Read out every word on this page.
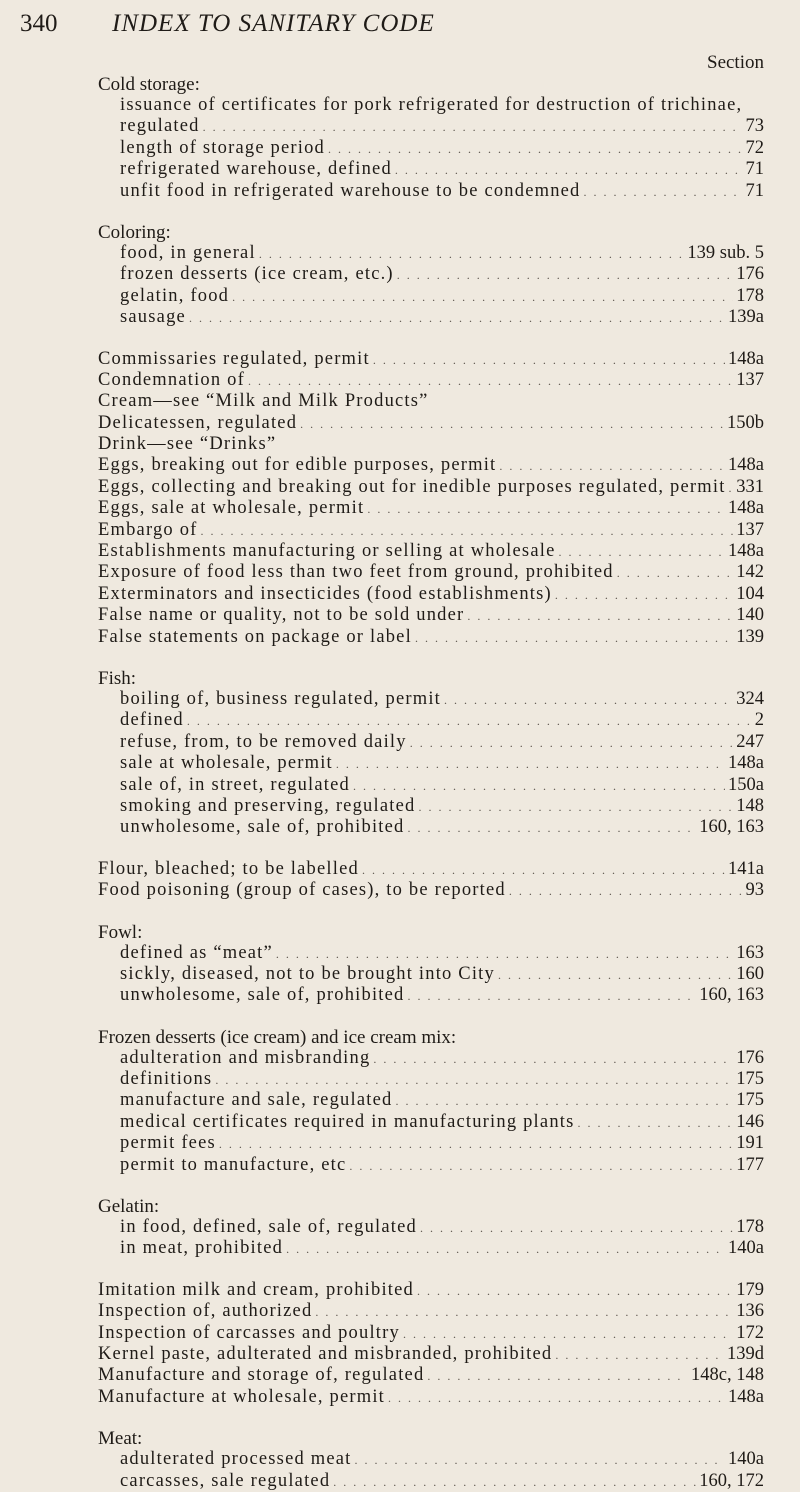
340 INDEX TO SANITARY CODE
Section
Cold storage:
issuance of certificates for pork refrigerated for destruction of trichinae,
regulated . . .	73
length of storage period . . .	72
refrigerated warehouse, defined . . .	71
unfit food in refrigerated warehouse to be condemned . . .	71
Coloring:
food, in general . . .	139 sub. 5
frozen desserts (ice cream, etc.) . . .	176
gelatin, food . . .	178
sausage . . .	139a
Commissaries regulated, permit . . .	148a
Condemnation of . . .	137
Cream—see “Milk and Milk Products”
Delicatessen, regulated . . .	150b
Drink—see “Drinks”
Eggs, breaking out for edible purposes, permit . . .	148a
Eggs, collecting and breaking out for inedible purposes regulated, permit . . . 331
Eggs, sale at wholesale, permit . . .	148a
Embargo of . . .	137
Establishments manufacturing or selling at wholesale . . .	148a
Exposure of food less than two feet from ground, prohibited . . .	142
Exterminators and insecticides (food establishments) . . .	104
False name or quality, not to be sold under . . .	140
False statements on package or label . . .	139
Fish:
boiling of, business regulated, permit . . .	324
defined . . .	2
refuse, from, to be removed daily . . .	247
sale at wholesale, permit . . .	148a
sale of, in street, regulated . . .	150a
smoking and preserving, regulated . . .	148
unwholesome, sale of, prohibited . . .	160, 163
Flour, bleached; to be labelled . . .	141a
Food poisoning (group of cases), to be reported . . .	93
Fowl:
defined as “meat” . . .	163
sickly, diseased, not to be brought into City . . .	160
unwholesome, sale of, prohibited . . .	160, 163
Frozen desserts (ice cream) and ice cream mix:
adulteration and misbranding . . .	176
definitions . . .	175
manufacture and sale, regulated . . .	175
medical certificates required in manufacturing plants . . .	146
permit fees . . .	191
permit to manufacture, etc . . .	177
Gelatin:
in food, defined, sale of, regulated . . .	178
in meat, prohibited . . .	140a
Imitation milk and cream, prohibited . . .	179
Inspection of, authorized . . .	136
Inspection of carcasses and poultry . . .	172
Kernel paste, adulterated and misbranded, prohibited . . .	139d
Manufacture and storage of, regulated . . .	148c, 148
Manufacture at wholesale, permit . . .	148a
Meat:
adulterated processed meat . . .	140a
carcasses, sale regulated . . .	160, 172
